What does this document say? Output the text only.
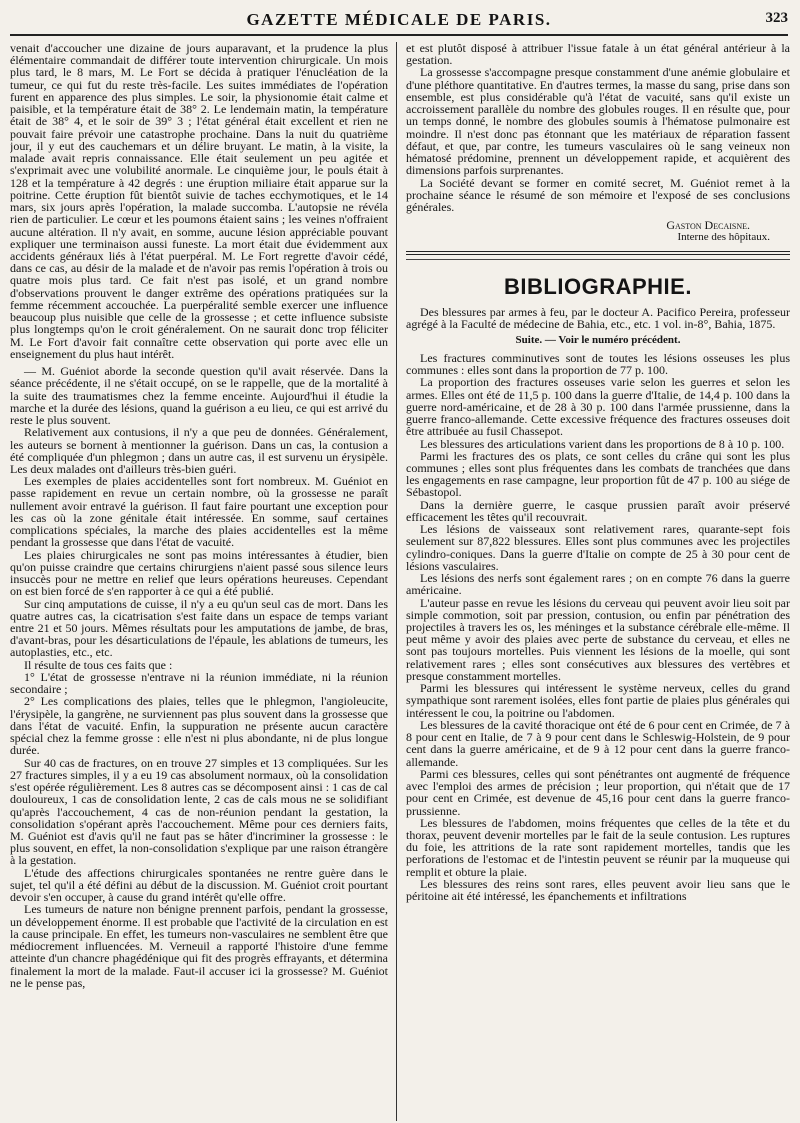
GAZETTE MÉDICALE DE PARIS.	323

venait d'accoucher une dizaine de jours auparavant, et la prudence la plus élémentaire commandait de différer toute intervention chirurgicale. Un mois plus tard, le 8 mars, M. Le Fort se décida à pratiquer l'énucléation de la tumeur, ce qui fut du reste très-facile. Les suites immédiates de l'opération furent en apparence des plus simples. Le soir, la physionomie était calme et paisible, et la température était de 38° 2. Le lendemain matin, la température était de 38° 4, et le soir de 39° 3 ; l'état général était excellent et rien ne pouvait faire prévoir une catastrophe prochaine. Dans la nuit du quatrième jour, il y eut des cauchemars et un délire bruyant. Le matin, à la visite, la malade avait repris connaissance. Elle était seulement un peu agitée et s'exprimait avec une volubilité anormale. Le cinquième jour, le pouls était à 128 et la température à 42 degrés : une éruption miliaire était apparue sur la poitrine. Cette éruption fût bientôt suivie de taches ecchymotiques, et le 14 mars, six jours après l'opération, la malade succomba. L'autopsie ne révéla rien de particulier. Le cœur et les poumons étaient sains ; les veines n'offraient aucune altération. Il n'y avait, en somme, aucune lésion appréciable pouvant expliquer une terminaison aussi funeste. La mort était due évidemment aux accidents généraux liés à l'état puerpéral. M. Le Fort regrette d'avoir cédé, dans ce cas, au désir de la malade et de n'avoir pas remis l'opération à trois ou quatre mois plus tard. Ce fait n'est pas isolé, et un grand nombre d'observations prouvent le danger extrême des opérations pratiquées sur la femme récemment accouchée. La puerpéralité semble exercer une influence beaucoup plus nuisible que celle de la grossesse ; et cette influence subsiste plus longtemps qu'on le croit généralement. On ne saurait donc trop féliciter M. Le Fort d'avoir fait connaître cette observation qui porte avec elle un enseignement du plus haut intérêt.

— M. Guéniot aborde la seconde question qu'il avait réservée. Dans la séance précédente, il ne s'était occupé, on se le rappelle, que de la mortalité à la suite des traumatismes chez la femme enceinte. Aujourd'hui il étudie la marche et la durée des lésions, quand la guérison a eu lieu, ce qui est arrivé du reste le plus souvent.

Relativement aux contusions, il n'y a que peu de données. Généralement, les auteurs se bornent à mentionner la guérison. Dans un cas, la contusion a été compliquée d'un phlegmon ; dans un autre cas, il est survenu un érysipèle. Les deux malades ont d'ailleurs très-bien guéri.

Les exemples de plaies accidentelles sont fort nombreux. M. Guéniot en passe rapidement en revue un certain nombre, où la grossesse ne paraît nullement avoir entravé la guérison. Il faut faire pourtant une exception pour les cas où la zone génitale était intéressée. En somme, sauf certaines complications spéciales, la marche des plaies accidentelles est la même pendant la grossesse que dans l'état de vacuité.

Les plaies chirurgicales ne sont pas moins intéressantes à étudier, bien qu'on puisse craindre que certains chirurgiens n'aient passé sous silence leurs insuccès pour ne mettre en relief que leurs opérations heureuses. Cependant on est bien forcé de s'en rapporter à ce qui a été publié.

Sur cinq amputations de cuisse, il n'y a eu qu'un seul cas de mort. Dans les quatre autres cas, la cicatrisation s'est faite dans un espace de temps variant entre 21 et 50 jours. Mêmes résultats pour les amputations de jambe, de bras, d'avant-bras, pour les désarticulations de l'épaule, les ablations de tumeurs, les autoplasties, etc., etc.

Il résulte de tous ces faits que :

1° L'état de grossesse n'entrave ni la réunion immédiate, ni la réunion secondaire ;

2° Les complications des plaies, telles que le phlegmon, l'angioleucite, l'érysipèle, la gangrène, ne surviennent pas plus souvent dans la grossesse que dans l'état de vacuité. Enfin, la suppuration ne présente aucun caractère spécial chez la femme grosse : elle n'est ni plus abondante, ni de plus longue durée.

Sur 40 cas de fractures, on en trouve 27 simples et 13 compliquées. Sur les 27 fractures simples, il y a eu 19 cas absolument normaux, où la consolidation s'est opérée régulièrement. Les 8 autres cas se décomposent ainsi : 1 cas de cal douloureux, 1 cas de consolidation lente, 2 cas de cals mous ne se solidifiant qu'après l'accouchement, 4 cas de non-réunion pendant la gestation, la consolidation s'opérant après l'accouchement. Même pour ces derniers faits, M. Guéniot est d'avis qu'il ne faut pas se hâter d'incriminer la grossesse : le plus souvent, en effet, la non-consolidation s'explique par une raison étrangère à la gestation.

L'étude des affections chirurgicales spontanées ne rentre guère dans le sujet, tel qu'il a été défini au début de la discussion. M. Guéniot croit pourtant devoir s'en occuper, à cause du grand intérêt qu'elle offre.

Les tumeurs de nature non bénigne prennent parfois, pendant la grossesse, un développement énorme. Il est probable que l'activité de la circulation en est la cause principale. En effet, les tumeurs non-vasculaires ne semblent être que médiocrement influencées. M. Verneuil a rapporté l'histoire d'une femme atteinte d'un chancre phagédénique qui fit des progrès effrayants, et détermina finalement la mort de la malade. Faut-il accuser ici la grossesse? M. Guéniot ne le pense pas,

et est plutôt disposé à attribuer l'issue fatale à un état général antérieur à la gestation.

La grossesse s'accompagne presque constamment d'une anémie globulaire et d'une pléthore quantitative. En d'autres termes, la masse du sang, prise dans son ensemble, est plus considérable qu'à l'état de vacuité, sans qu'il existe un accroissement parallèle du nombre des globules rouges. Il en résulte que, pour un temps donné, le nombre des globules soumis à l'hématose pulmonaire est moindre. Il n'est donc pas étonnant que les matériaux de réparation fassent défaut, et que, par contre, les tumeurs vasculaires où le sang veineux non hématosé prédomine, prennent un développement rapide, et acquièrent des dimensions parfois surprenantes.

La Société devant se former en comité secret, M. Guéniot remet à la prochaine séance le résumé de son mémoire et l'exposé de ses conclusions générales.

Gaston Decaisne.
Interne des hôpitaux.
BIBLIOGRAPHIE.

Des blessures par armes à feu, par le docteur A. Pacifico Pereira, professeur agrégé à la Faculté de médecine de Bahia, etc., etc. 1 vol. in-8°, Bahia, 1875.

Suite. — Voir le numéro précédent.

Les fractures comminutives sont de toutes les lésions osseuses les plus communes : elles sont dans la proportion de 77 p. 100.

La proportion des fractures osseuses varie selon les guerres et selon les armes. Elles ont été de 11,5 p. 100 dans la guerre d'Italie, de 14,4 p. 100 dans la guerre nord-américaine, et de 28 à 30 p. 100 dans l'armée prussienne, dans la guerre franco-allemande. Cette excessive fréquence des fractures osseuses doit être attribuée au fusil Chassepot.

Les blessures des articulations varient dans les proportions de 8 à 10 p. 100.

Parmi les fractures des os plats, ce sont celles du crâne qui sont les plus communes ; elles sont plus fréquentes dans les combats de tranchées que dans les engagements en rase campagne, leur proportion fût de 47 p. 100 au siége de Sébastopol.

Dans la dernière guerre, le casque prussien paraît avoir préservé efficacement les têtes qu'il recouvrait.

Les lésions de vaisseaux sont relativement rares, quarante-sept fois seulement sur 87,822 blessures. Elles sont plus communes avec les projectiles cylindro-coniques. Dans la guerre d'Italie on compte de 25 à 30 pour cent de lésions vasculaires.

Les lésions des nerfs sont également rares ; on en compte 76 dans la guerre américaine.

L'auteur passe en revue les lésions du cerveau qui peuvent avoir lieu soit par simple commotion, soit par pression, contusion, ou enfin par pénétration des projectiles à travers les os, les méninges et la substance cérébrale elle-même. Il peut même y avoir des plaies avec perte de substance du cerveau, et elles ne sont pas toujours mortelles. Puis viennent les lésions de la moelle, qui sont relativement rares ; elles sont consécutives aux blessures des vertèbres et presque constamment mortelles.

Parmi les blessures qui intéressent le système nerveux, celles du grand sympathique sont rarement isolées, elles font partie de plaies plus générales qui intéressent le cou, la poitrine ou l'abdomen.

Les blessures de la cavité thoracique ont été de 6 pour cent en Crimée, de 7 à 8 pour cent en Italie, de 7 à 9 pour cent dans le Schleswig-Holstein, de 9 pour cent dans la guerre américaine, et de 9 à 12 pour cent dans la guerre franco-allemande.

Parmi ces blessures, celles qui sont pénétrantes ont augmenté de fréquence avec l'emploi des armes de précision ; leur proportion, qui n'était que de 17 pour cent en Crimée, est devenue de 45,16 pour cent dans la guerre franco-prussienne.

Les blessures de l'abdomen, moins fréquentes que celles de la tête et du thorax, peuvent devenir mortelles par le fait de la seule contusion. Les ruptures du foie, les attritions de la rate sont rapidement mortelles, tandis que les perforations de l'estomac et de l'intestin peuvent se réunir par la muqueuse qui remplit et obture la plaie.

Les blessures des reins sont rares, elles peuvent avoir lieu sans que le péritoine ait été intéressé, les épanchements et infiltrations
